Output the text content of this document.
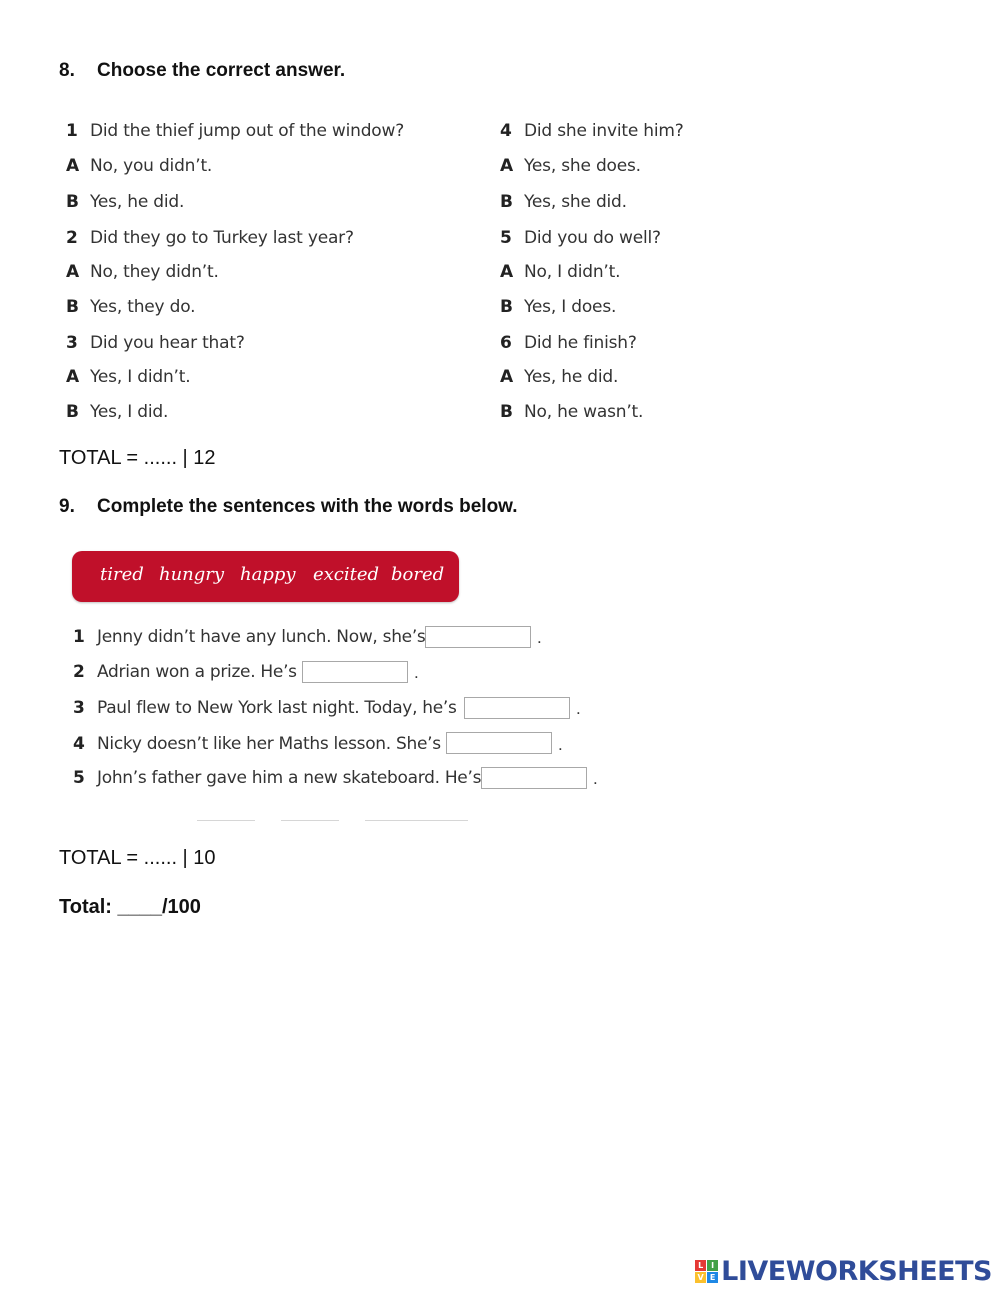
8. Choose the correct answer.
1 Did the thief jump out of the window?
A No, you didn’t.
B Yes, he did.
2 Did they go to Turkey last year?
A No, they didn’t.
B Yes, they do.
3 Did you hear that?
A Yes, I didn’t.
B Yes, I did.
4 Did she invite him?
A Yes, she does.
B Yes, she did.
5 Did you do well?
A No, I didn’t.
B Yes, I does.
6 Did he finish?
A Yes, he did.
B No, he wasn’t.
TOTAL = ...... | 12
9. Complete the sentences with the words below.
tired hungry happy excited bored
1 Jenny didn’t have any lunch. Now, she’s	.
2 Adrian won a prize. He’s	.
3 Paul flew to New York last night. Today, he’s	.
4 Nicky doesn’t like her Maths lesson. She’s	.
5 John’s father gave him a new skateboard. He’s	.
TOTAL = ...... | 10
Total: ____/100
L I
V E LIVEWORKSHEETS
